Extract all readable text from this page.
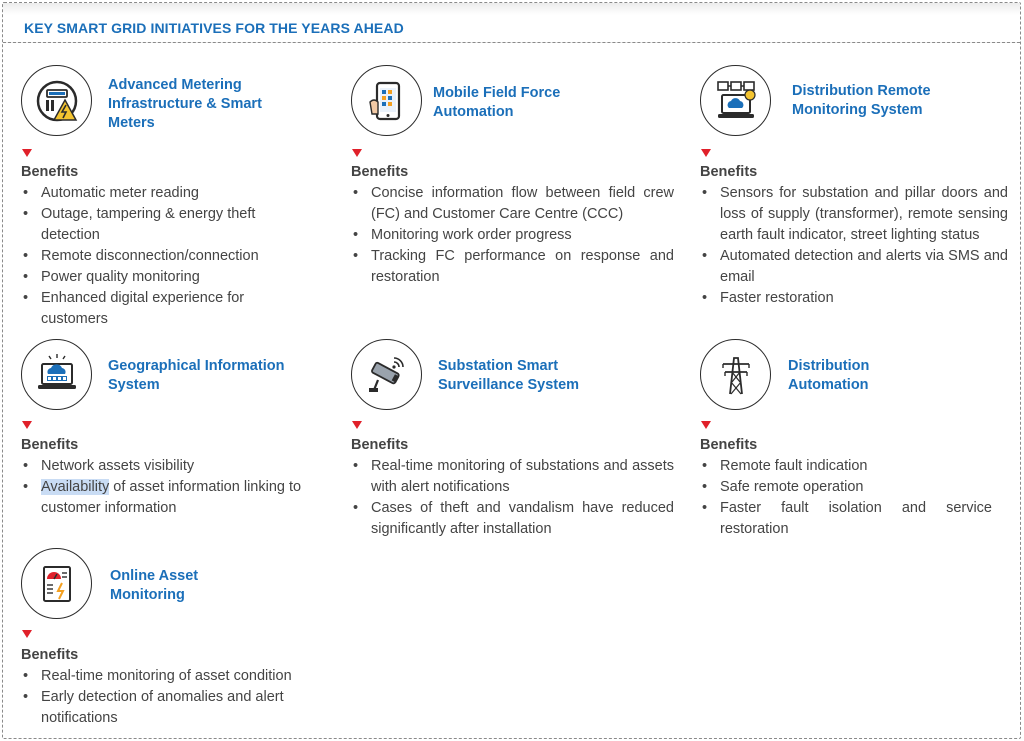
KEY SMART GRID INITIATIVES FOR THE YEARS AHEAD
Advanced Metering
Infrastructure & Smart
Meters
Benefits
• Automatic meter reading
• Outage, tampering & energy theft detection
• Remote disconnection/connection
• Power quality monitoring
• Enhanced digital experience for customers
Mobile Field Force
Automation
Benefits
• Concise information flow between field crew (FC) and Customer Care Centre (CCC)
• Monitoring work order progress
• Tracking FC performance on response and restoration
Distribution Remote
Monitoring System
Benefits
• Sensors for substation and pillar doors and loss of supply (transformer), remote sensing earth fault indicator, street lighting status
• Automated detection and alerts via SMS and email
• Faster restoration
Geographical Information
System
Benefits
• Network assets visibility
• Availability of asset information linking to customer information
Substation Smart
Surveillance System
Benefits
• Real-time monitoring of substations and assets with alert notifications
• Cases of theft and vandalism have reduced significantly after installation
Distribution
Automation
Benefits
• Remote fault indication
• Safe remote operation
• Faster fault isolation and service restoration
Online Asset
Monitoring
Benefits
• Real-time monitoring of asset condition
• Early detection of anomalies and alert notifications
